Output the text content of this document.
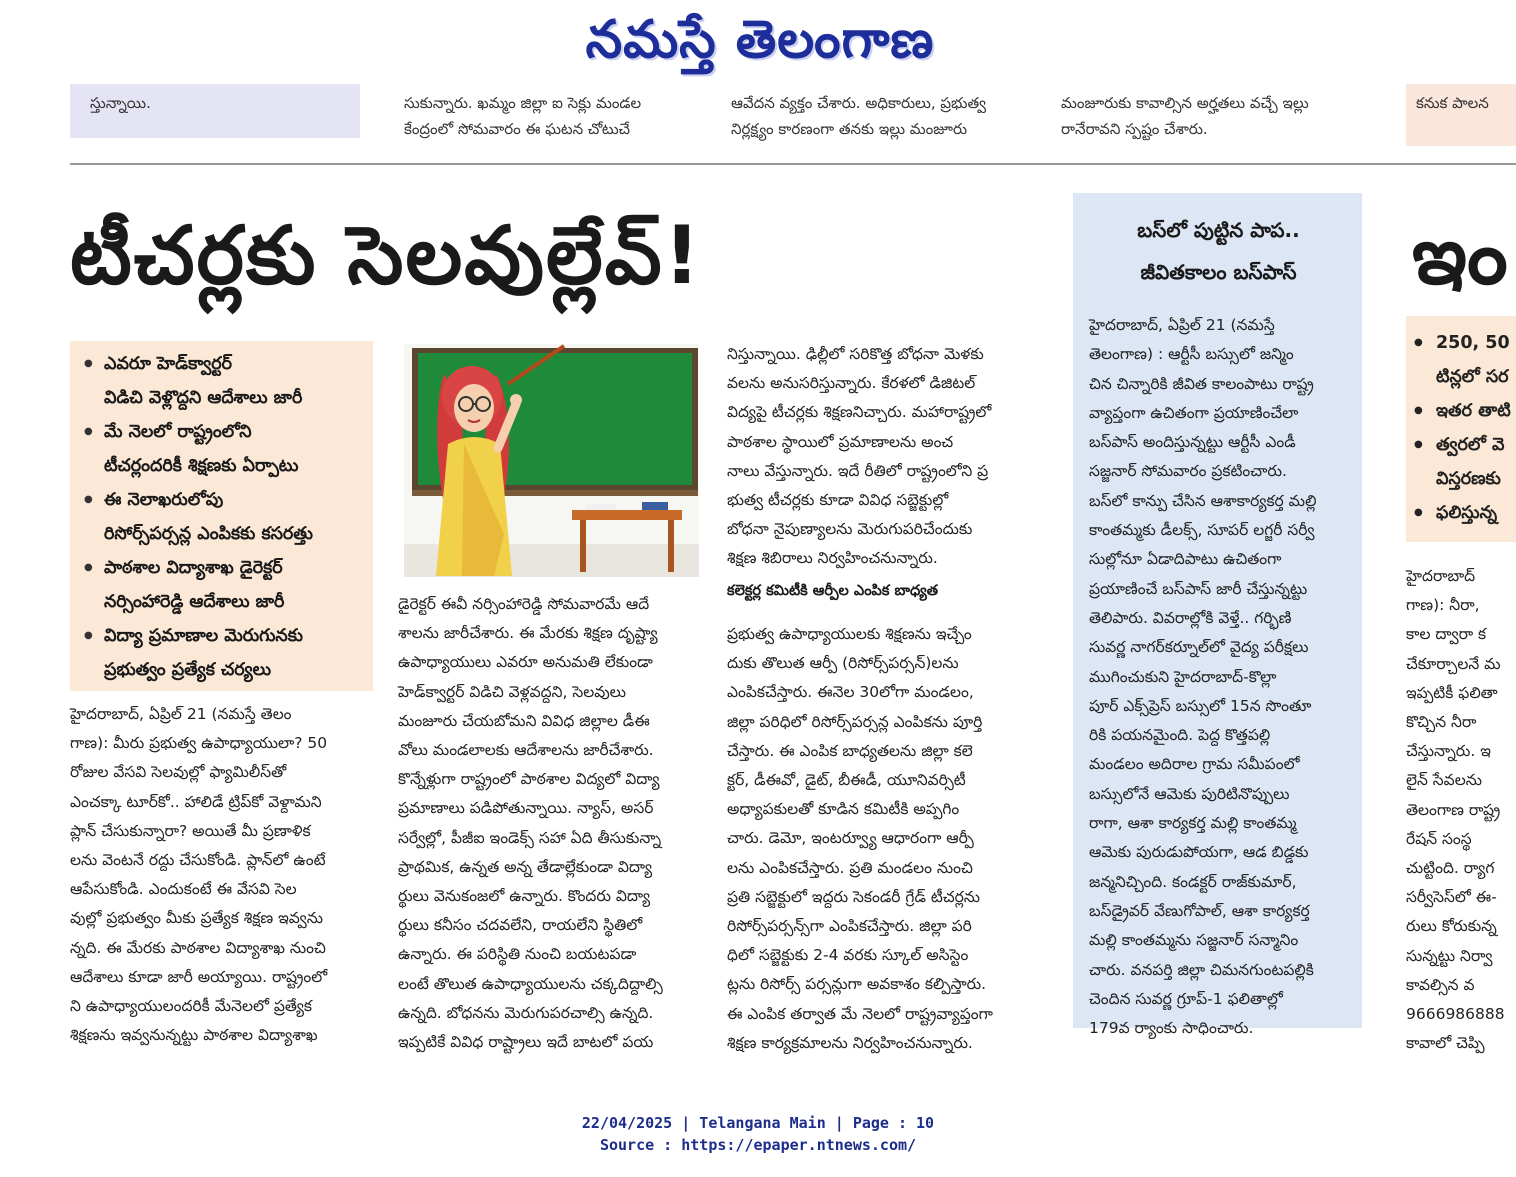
నమస్తే తెలంగాణ
స్తున్నాయి.	సుకున్నారు. ఖమ్మం జిల్లా ఐ సెక్లు మండల
కేంద్రంలో సోమవారం ఈ ఘటన చోటుచే
ఆవేదన వ్యక్తం చేశారు. అధికారులు, ప్రభుత్వ
నిర్లక్ష్యం కారణంగా తనకు ఇల్లు మంజూరు
మంజూరుకు కావాల్సిన అర్హతలు వచ్చే ఇల్లు
రానేరావని స్పష్టం చేశారు.
కనుక పాలన
టీచర్లకు సెలవుల్లేవ్!
● ఎవరూ హెడ్‌క్వార్టర్
విడిచి వెళ్లొద్దని ఆదేశాలు జారీ
● మే నెలలో రాష్ట్రంలోని
టీచర్లందరికీ శిక్షణకు ఏర్పాటు
● ఈ నెలాఖరులోపు
రిసోర్స్‌పర్సన్ల ఎంపికకు కసరత్తు
● పాఠశాల విద్యాశాఖ డైరెక్టర్
నర్సింహారెడ్డి ఆదేశాలు జారీ
● విద్యా ప్రమాణాల మెరుగునకు
ప్రభుత్వం ప్రత్యేక చర్యలు
హైదరాబాద్, ఏప్రిల్ 21 (నమస్తే తెలం
గాణ): మీరు ప్రభుత్వ ఉపాధ్యాయులా? 50
రోజుల వేసవి సెలవుల్లో ఫ్యామిలీస్‌తో
ఎంచక్కా టూర్‌కో.. హాలిడే ట్రిప్‌కో వెళ్దామని
ప్లాన్ చేసుకున్నారా? అయితే మీ ప్రణాళిక
లను వెంటనే రద్దు చేసుకోండి. ప్లాన్‌లో ఉంటే
ఆపేసుకోండి. ఎందుకంటే ఈ వేసవి సెల
వుల్లో ప్రభుత్వం మీకు ప్రత్యేక శిక్షణ ఇవ్వను
న్నది. ఈ మేరకు పాఠశాల విద్యాశాఖ నుంచి
ఆదేశాలు కూడా జారీ అయ్యాయి. రాష్ట్రంలో
ని ఉపాధ్యాయులందరికీ మేనెలలో ప్రత్యేక
శిక్షణను ఇవ్వనున్నట్టు పాఠశాల విద్యాశాఖ
డైరెక్టర్ ఈవీ నర్సింహారెడ్డి సోమవారమే ఆదే
శాలను జారీచేశారు. ఈ మేరకు శిక్షణ దృష్ట్యా
ఉపాధ్యాయులు ఎవరూ అనుమతి లేకుండా
హెడ్‌క్వార్టర్ విడిచి వెళ్లవద్దని, సెలవులు
మంజూరు చేయబోమని వివిధ జిల్లాల డీఈ
వోలు మండలాలకు ఆదేశాలను జారీచేశారు.
కొన్నేళ్లుగా రాష్ట్రంలో పాఠశాల విద్యలో విద్యా
ప్రమాణాలు పడిపోతున్నాయి. న్యాస్, అసర్
సర్వేల్లో, పీజీఐ ఇండెక్స్ సహా ఏది తీసుకున్నా
ప్రాథమిక, ఉన్నత అన్న తేడాల్లేకుండా విద్యా
ర్థులు వెనుకంజలో ఉన్నారు. కొందరు విద్యా
ర్థులు కనీసం చదవలేని, రాయలేని స్థితిలో
ఉన్నారు. ఈ పరిస్థితి నుంచి బయటపడా
లంటే తొలుత ఉపాధ్యాయులను చక్కదిద్దాల్సి
ఉన్నది. బోధనను మెరుగుపరచాల్సి ఉన్నది.
ఇప్పటికే వివిధ రాష్ట్రాలు ఇదే బాటలో పయ
నిస్తున్నాయి. ఢిల్లీలో సరికొత్త బోధనా మెళకు
వలను అనుసరిస్తున్నారు. కేరళలో డిజిటల్
విద్యపై టీచర్లకు శిక్షణనిచ్చారు. మహారాష్ట్రలో
పాఠశాల స్థాయిలో ప్రమాణాలను అంచ
నాలు వేస్తున్నారు. ఇదే రీతిలో రాష్ట్రంలోని ప్ర
భుత్వ టీచర్లకు కూడా వివిధ సబ్జెక్టుల్లో
బోధనా నైపుణ్యాలను మెరుగుపరిచేందుకు
శిక్షణ శిబిరాలు నిర్వహించనున్నారు.
కలెక్టర్ల కమిటీకి ఆర్పీల ఎంపిక బాధ్యత
ప్రభుత్వ ఉపాధ్యాయులకు శిక్షణను ఇచ్చేం
దుకు తొలుత ఆర్పీ (రిసోర్స్‌పర్సన్)లను
ఎంపికచేస్తారు. ఈనెల 30లోగా మండలం,
జిల్లా పరిధిలో రిసోర్స్‌పర్సన్ల ఎంపికను పూర్తి
చేస్తారు. ఈ ఎంపిక బాధ్యతలను జిల్లా కలె
క్టర్, డీఈవో, డైట్, బీఈడీ, యూనివర్సిటీ
అధ్యాపకులతో కూడిన కమిటీకి అప్పగిం
చారు. డెమో, ఇంటర్వ్యూ ఆధారంగా ఆర్పీ
లను ఎంపికచేస్తారు. ప్రతి మండలం నుంచి
ప్రతి సబ్జెక్టులో ఇద్దరు సెకండరీ గ్రేడ్ టీచర్లను
రిసోర్స్‌పర్సన్స్‌గా ఎంపికచేస్తారు. జిల్లా పరి
ధిలో సబ్జెక్టుకు 2-4 వరకు స్కూల్ అసిస్టెం
ట్లను రిసోర్స్ పర్సన్లుగా అవకాశం కల్పిస్తారు.
ఈ ఎంపిక తర్వాత మే నెలలో రాష్ట్రవ్యాప్తంగా
శిక్షణ కార్యక్రమాలను నిర్వహించనున్నారు.
బస్‌లో పుట్టిన పాప..
జీవితకాలం బస్‌పాస్
హైదరాబాద్, ఏప్రిల్ 21 (నమస్తే
తెలంగాణ) : ఆర్టీసీ బస్సులో జన్మిం
చిన చిన్నారికి జీవిత కాలంపాటు రాష్ట్ర
వ్యాప్తంగా ఉచితంగా ప్రయాణించేలా
బస్‌పాస్ అందిస్తున్నట్టు ఆర్టీసీ ఎండీ
సజ్జనార్ సోమవారం ప్రకటించారు.
బస్‌లో కాన్పు చేసిన ఆశాకార్యకర్త మల్లి
కాంతమ్మకు డీలక్స్, సూపర్ లగ్జరీ సర్వీ
సుల్లోనూ ఏడాదిపాటు ఉచితంగా
ప్రయాణించే బస్‌పాస్ జారీ చేస్తున్నట్టు
తెలిపారు. వివరాల్లోకి వెళ్తే.. గర్భిణి
సువర్ణ నాగర్‌కర్నూల్‌లో వైద్య పరీక్షలు
ముగించుకుని హైదరాబాద్-కొల్లా
పూర్ ఎక్స్‌ప్రెస్ బస్సులో 15న సొంతూ
రికి పయనమైంది. పెద్ద కొత్తపల్లి
మండలం అదిరాల గ్రామ సమీపంలో
బస్సులోనే ఆమెకు పురిటినొప్పులు
రాగా, ఆశా కార్యకర్త మల్లి కాంతమ్మ
ఆమెకు పురుడుపోయగా, ఆడ బిడ్డకు
జన్మనిచ్చింది. కండక్టర్ రాజ్‌కుమార్,
బస్‌డ్రైవర్ వేణుగోపాల్, ఆశా కార్యకర్త
మల్లి కాంతమ్మను సజ్జనార్ సన్మానిం
చారు. వనపర్తి జిల్లా చిమనగుంటపల్లికి
చెందిన సువర్ణ గ్రూప్-1 ఫలితాల్లో
179వ ర్యాంకు సాధించారు.
ఇం
● 250, 50
టిన్లలో సర
● ఇతర తాటి
● త్వరలో వె
విస్తరణకు
● ఫలిస్తున్న
హైదరాబాద్
గాణ): నీరా,
కాల ద్వారా క
చేకూర్చాలనే మ
ఇప్పటికీ ఫలితా
కొచ్చిన నీరా
చేస్తున్నారు. ఇ
లైన్ సేవలను
తెలంగాణ రాష్ట్ర
రేషన్ సంస్థ
చుట్టింది. ర్యాగ
సర్వీసెస్‌లో ఈ-
రులు కోరుకున్న
సున్నట్టు నిర్వా
కావల్సిన వ
9666986888
కావాలో చెప్పి
22/04/2025 | Telangana Main | Page : 10
Source : https://epaper.ntnews.com/
